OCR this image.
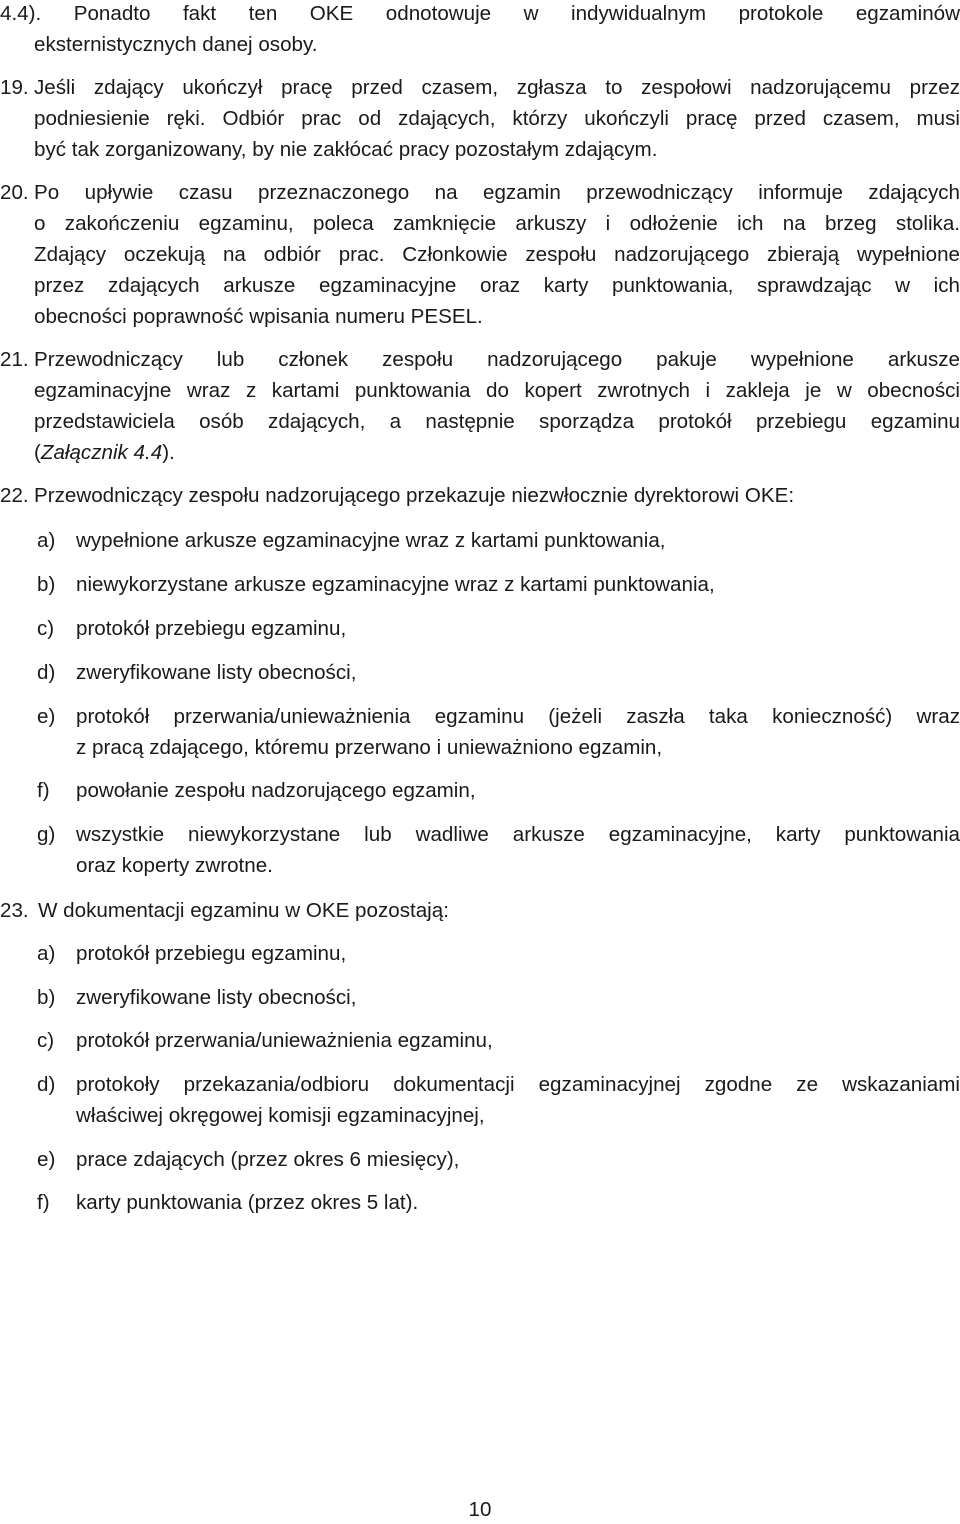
4.4). Ponadto fakt ten OKE odnotowuje w indywidualnym protokole egzaminów
eksternistycznych danej osoby.
19. Jeśli zdający ukończył pracę przed czasem, zgłasza to zespołowi nadzorującemu przez
podniesienie ręki. Odbiór prac od zdających, którzy ukończyli pracę przed czasem, musi
być tak zorganizowany, by nie zakłócać pracy pozostałym zdającym.
20. Po upływie czasu przeznaczonego na egzamin przewodniczący informuje zdających
o zakończeniu egzaminu, poleca zamknięcie arkuszy i odłożenie ich na brzeg stolika.
Zdający oczekują na odbiór prac. Członkowie zespołu nadzorującego zbierają wypełnione
przez zdających arkusze egzaminacyjne oraz karty punktowania, sprawdzając w ich
obecności poprawność wpisania numeru PESEL.
21. Przewodniczący lub członek zespołu nadzorującego pakuje wypełnione arkusze
egzaminacyjne wraz z kartami punktowania do kopert zwrotnych i zakleja je w obecności
przedstawiciela osób zdających, a następnie sporządza protokół przebiegu egzaminu
(Załącznik 4.4).
22. Przewodniczący zespołu nadzorującego przekazuje niezwłocznie dyrektorowi OKE:
a) wypełnione arkusze egzaminacyjne wraz z kartami punktowania,
b) niewykorzystane arkusze egzaminacyjne wraz z kartami punktowania,
c) protokół przebiegu egzaminu,
d) zweryfikowane listy obecności,
e) protokół przerwania/unieważnienia egzaminu (jeżeli zaszła taka konieczność) wraz
z pracą zdającego, któremu przerwano i unieważniono egzamin,
f) powołanie zespołu nadzorującego egzamin,
g) wszystkie niewykorzystane lub wadliwe arkusze egzaminacyjne, karty punktowania
oraz koperty zwrotne.
23. W dokumentacji egzaminu w OKE pozostają:
a) protokół przebiegu egzaminu,
b) zweryfikowane listy obecności,
c) protokół przerwania/unieważnienia egzaminu,
d) protokoły przekazania/odbioru dokumentacji egzaminacyjnej zgodne ze wskazaniami
właściwej okręgowej komisji egzaminacyjnej,
e) prace zdających (przez okres 6 miesięcy),
f) karty punktowania (przez okres 5 lat).
10
